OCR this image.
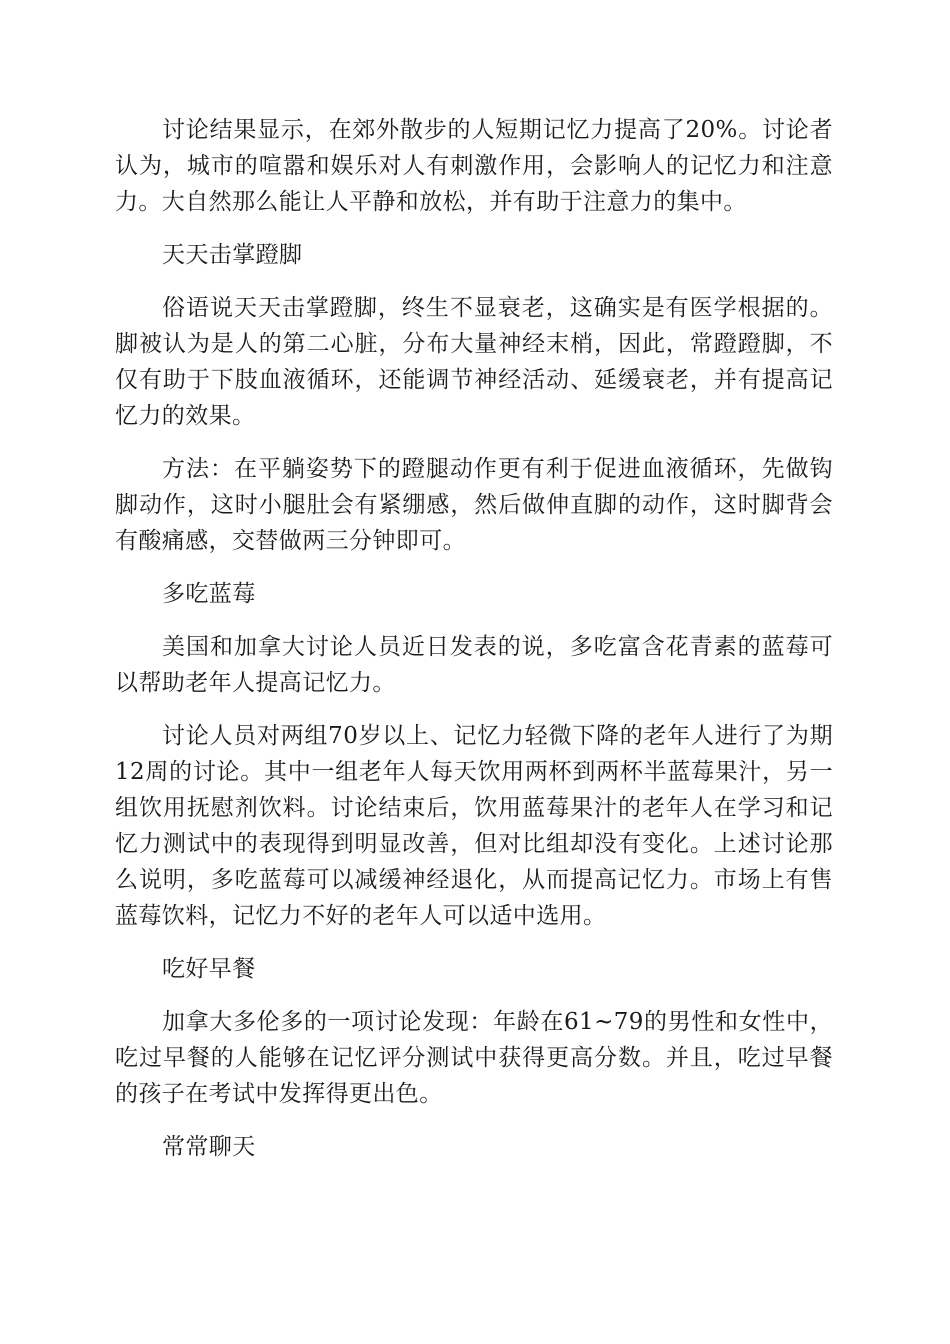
讨论结果显示，在郊外散步的人短期记忆力提高了20%。讨论者认为，城市的喧嚣和娱乐对人有刺激作用，会影响人的记忆力和注意力。大自然那么能让人平静和放松，并有助于注意力的集中。

天天击掌蹬脚

俗语说天天击掌蹬脚，终生不显衰老，这确实是有医学根据的。脚被认为是人的第二心脏，分布大量神经末梢，因此，常蹬蹬脚，不仅有助于下肢血液循环，还能调节神经活动、延缓衰老，并有提高记忆力的效果。

方法：在平躺姿势下的蹬腿动作更有利于促进血液循环，先做钩脚动作，这时小腿肚会有紧绷感，然后做伸直脚的动作，这时脚背会有酸痛感，交替做两三分钟即可。

多吃蓝莓

美国和加拿大讨论人员近日发表的说，多吃富含花青素的蓝莓可以帮助老年人提高记忆力。

讨论人员对两组70岁以上、记忆力轻微下降的老年人进行了为期12周的讨论。其中一组老年人每天饮用两杯到两杯半蓝莓果汁，另一组饮用抚慰剂饮料。讨论结束后，饮用蓝莓果汁的老年人在学习和记忆力测试中的表现得到明显改善，但对比组却没有变化。上述讨论那么说明，多吃蓝莓可以减缓神经退化，从而提高记忆力。市场上有售蓝莓饮料，记忆力不好的老年人可以适中选用。

吃好早餐

加拿大多伦多的一项讨论发现：年龄在61~79的男性和女性中，吃过早餐的人能够在记忆评分测试中获得更高分数。并且，吃过早餐的孩子在考试中发挥得更出色。

常常聊天
